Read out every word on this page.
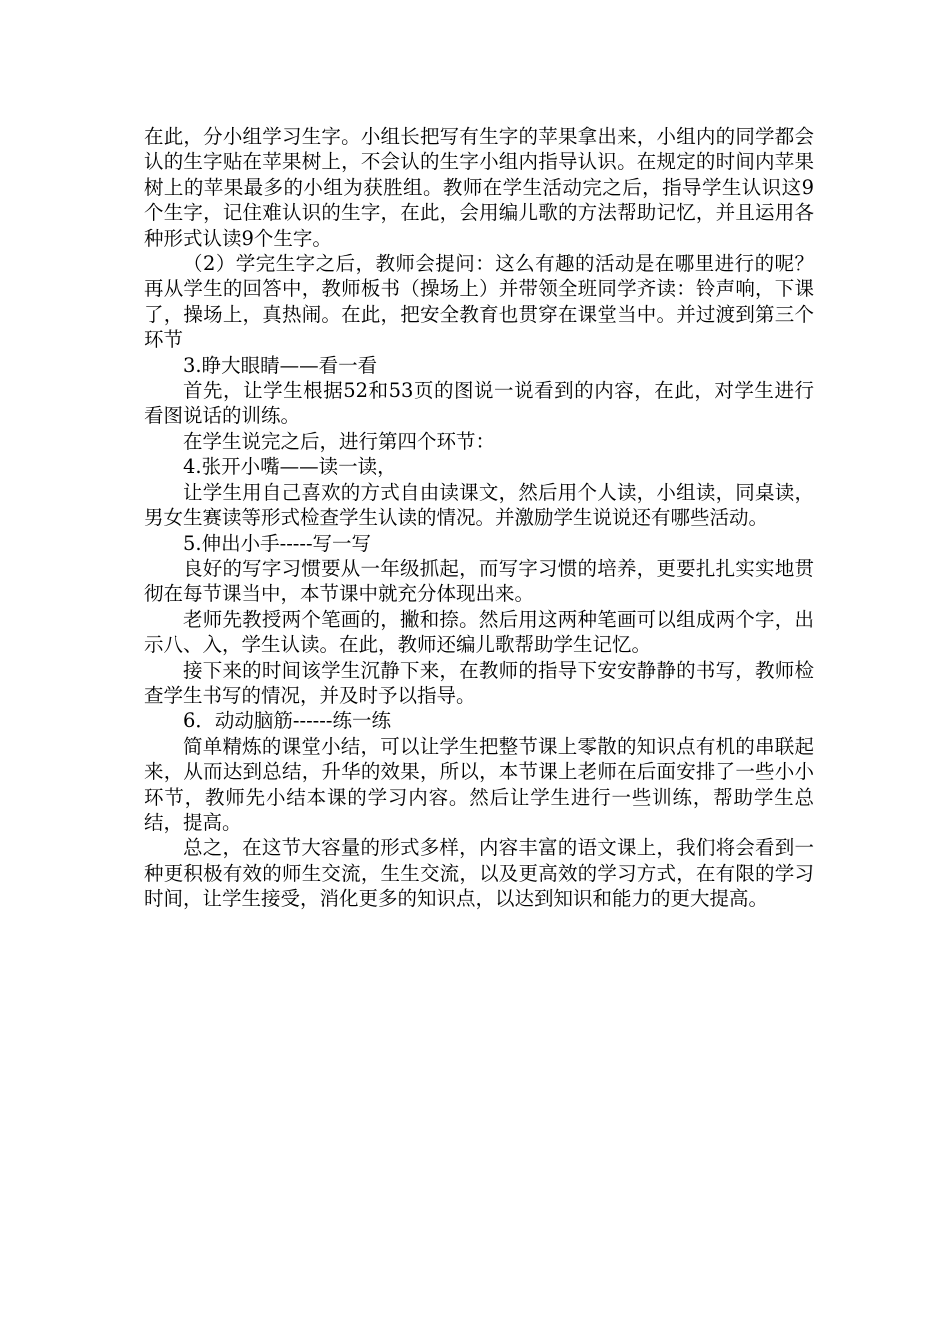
在此，分小组学习生字。小组长把写有生字的苹果拿出来，小组内的同学都会认的生字贴在苹果树上，不会认的生字小组内指导认识。在规定的时间内苹果树上的苹果最多的小组为获胜组。教师在学生活动完之后，指导学生认识这9个生字，记住难认识的生字，在此，会用编儿歌的方法帮助记忆，并且运用各种形式认读9个生字。

（2）学完生字之后，教师会提问：这么有趣的活动是在哪里进行的呢？再从学生的回答中，教师板书（操场上）并带领全班同学齐读：铃声响，下课了，操场上，真热闹。在此，把安全教育也贯穿在课堂当中。并过渡到第三个环节

3.睁大眼睛——看一看

首先，让学生根据52和53页的图说一说看到的内容，在此，对学生进行看图说话的训练。

在学生说完之后，进行第四个环节：

4.张开小嘴——读一读，

让学生用自己喜欢的方式自由读课文，然后用个人读，小组读，同桌读，男女生赛读等形式检查学生认读的情况。并激励学生说说还有哪些活动。

5.伸出小手-----写一写

良好的写字习惯要从一年级抓起，而写字习惯的培养，更要扎扎实实地贯彻在每节课当中，本节课中就充分体现出来。

老师先教授两个笔画的，撇和捺。然后用这两种笔画可以组成两个字，出示八、入，学生认读。在此，教师还编儿歌帮助学生记忆。

接下来的时间该学生沉静下来，在教师的指导下安安静静的书写，教师检查学生书写的情况，并及时予以指导。

6．动动脑筋------练一练

简单精炼的课堂小结，可以让学生把整节课上零散的知识点有机的串联起来，从而达到总结，升华的效果，所以，本节课上老师在后面安排了一些小小环节，教师先小结本课的学习内容。然后让学生进行一些训练，帮助学生总结，提高。

总之，在这节大容量的形式多样，内容丰富的语文课上，我们将会看到一种更积极有效的师生交流，生生交流，以及更高效的学习方式，在有限的学习时间，让学生接受，消化更多的知识点，以达到知识和能力的更大提高。
